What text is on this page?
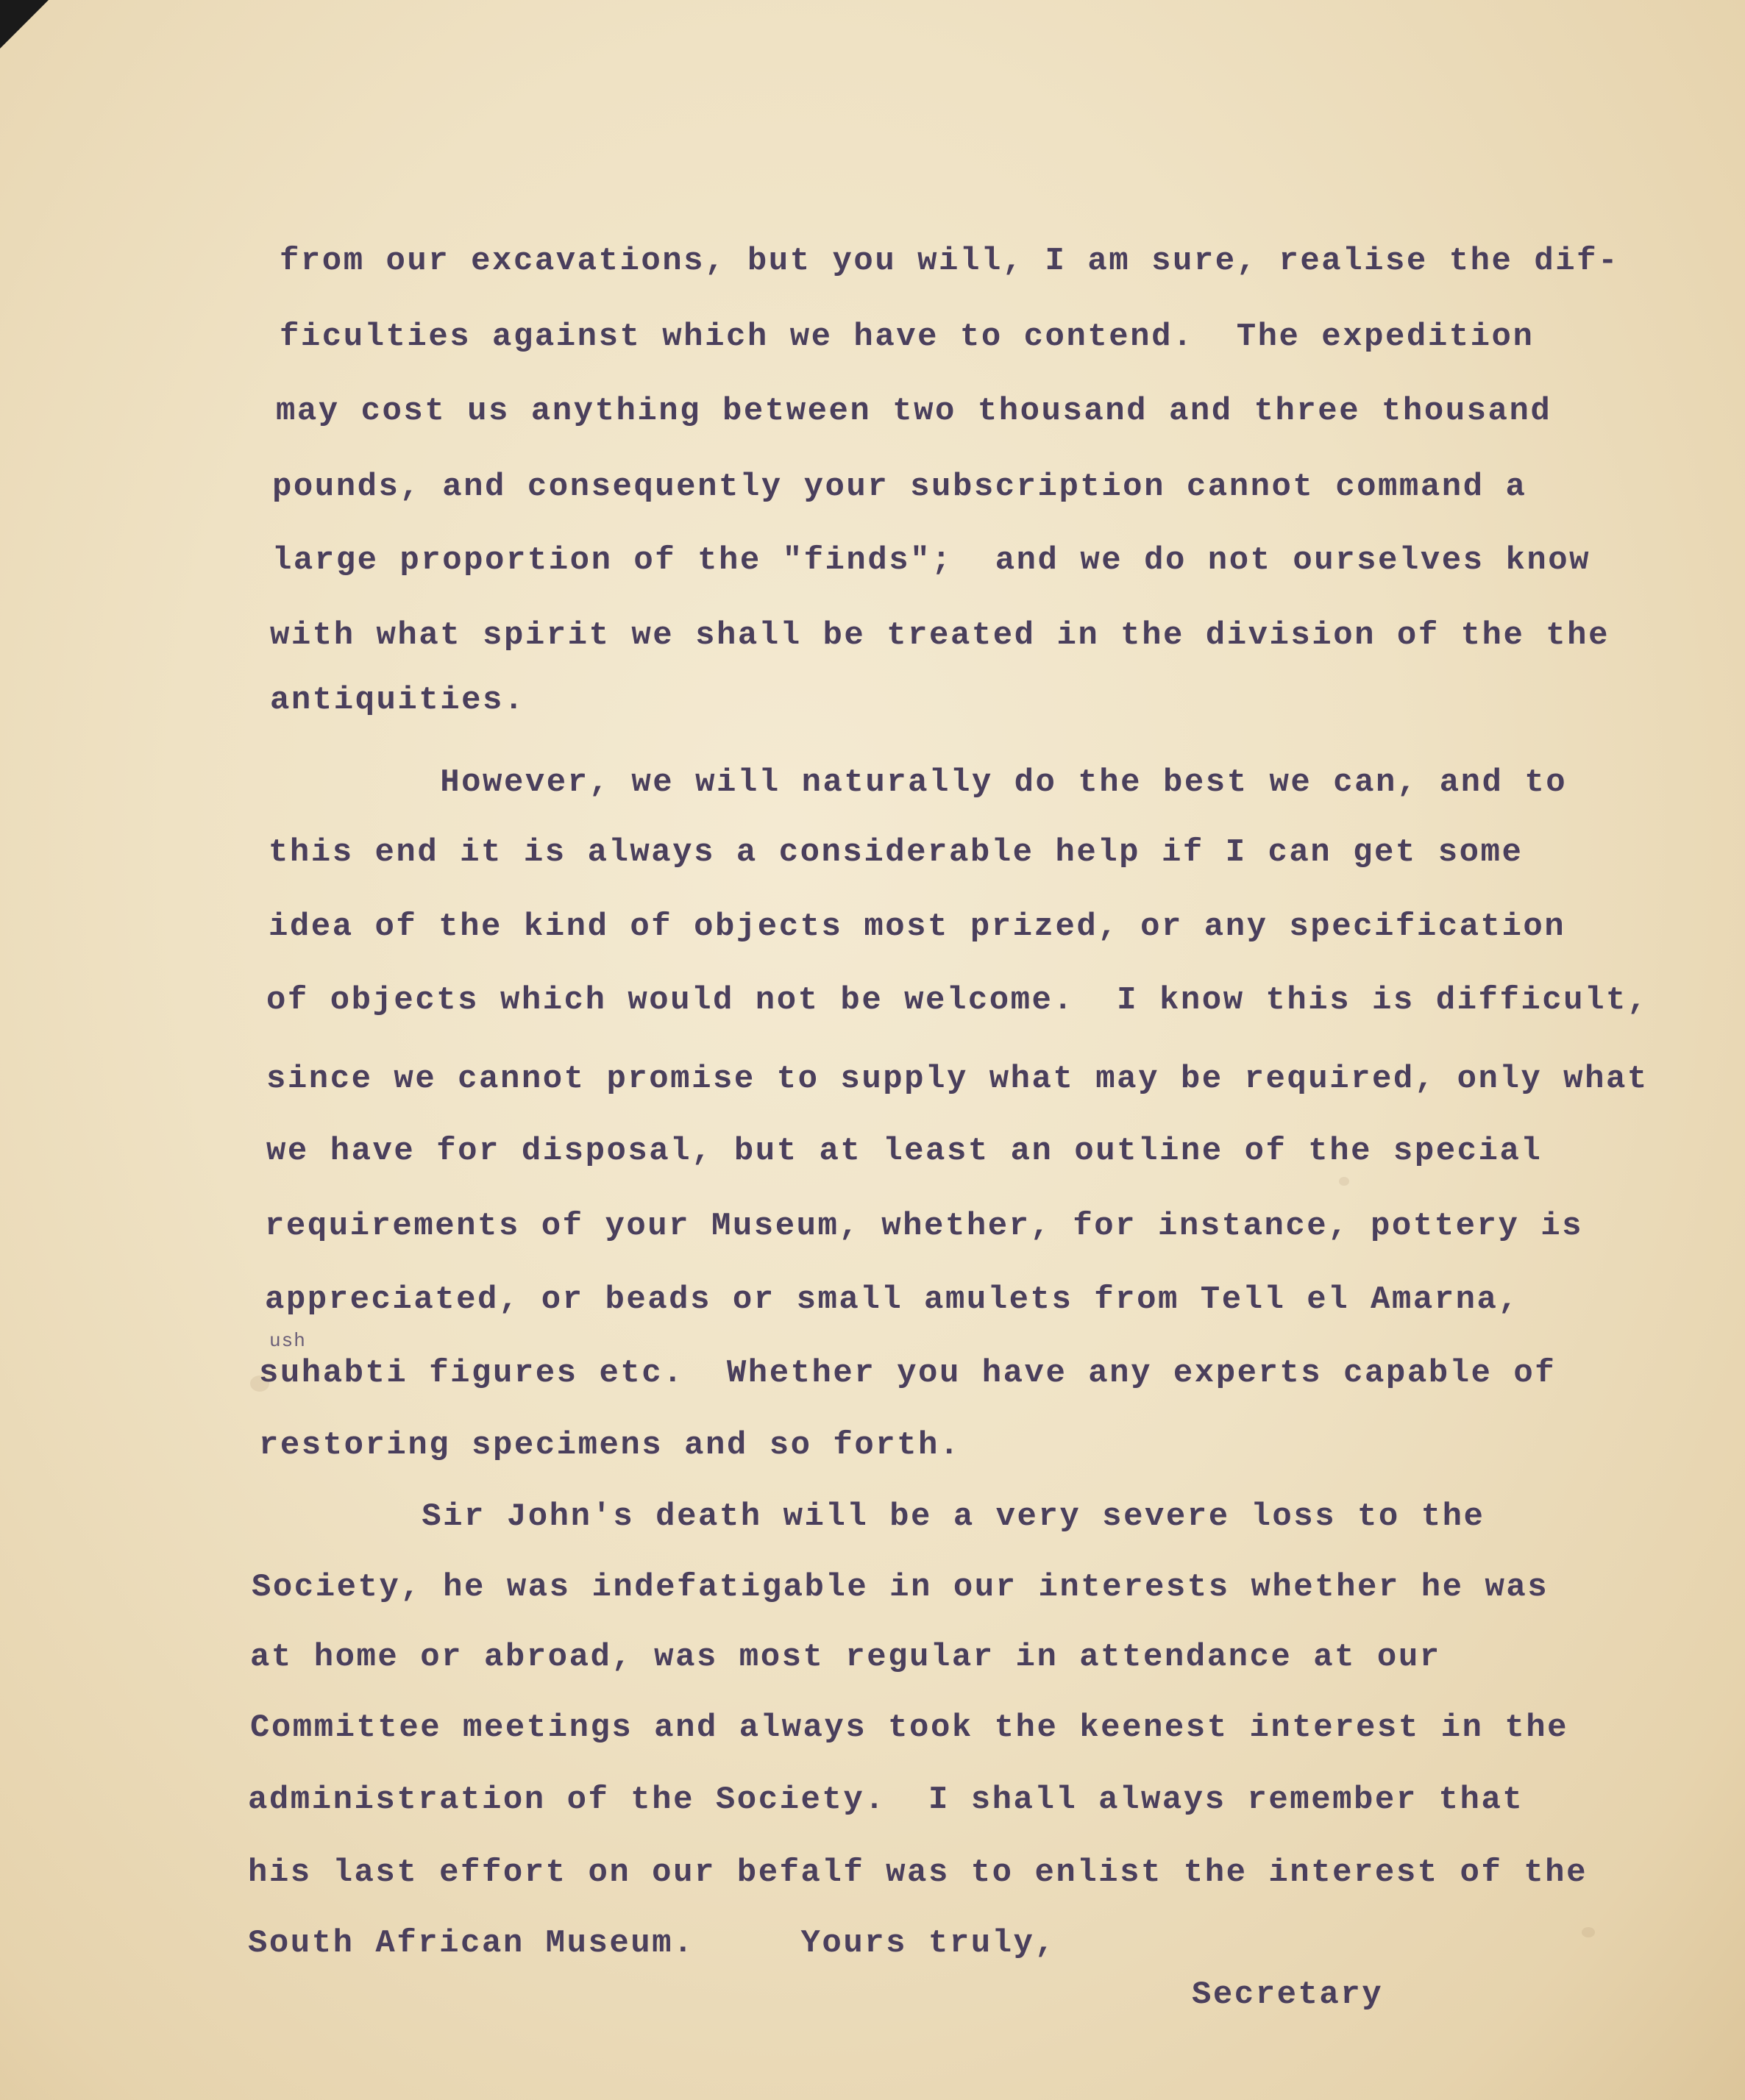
from our excavations, but you will, I am sure, realise the dif-
ficulties against which we have to contend.  The expedition
may cost us anything between two thousand and three thousand
pounds, and consequently your subscription cannot command a
large proportion of the "finds";  and we do not ourselves know
with what spirit we shall be treated in the division of the the
antiquities.
However, we will naturally do the best we can, and to
this end it is always a considerable help if I can get some
idea of the kind of objects most prized, or any specification
of objects which would not be welcome.  I know this is difficult,
since we cannot promise to supply what may be required, only what
we have for disposal, but at least an outline of the special
requirements of your Museum, whether, for instance, pottery is
appreciated, or beads or small amulets from Tell el Amarna,
ush
suhabti figures etc.  Whether you have any experts capable of
restoring specimens and so forth.
Sir John's death will be a very severe loss to the
Society, he was indefatigable in our interests whether he was
at home or abroad, was most regular in attendance at our
Committee meetings and always took the keenest interest in the
administration of the Society.  I shall always remember that
his last effort on our befalf was to enlist the interest of the
South African Museum.     Yours truly,
Secretary
